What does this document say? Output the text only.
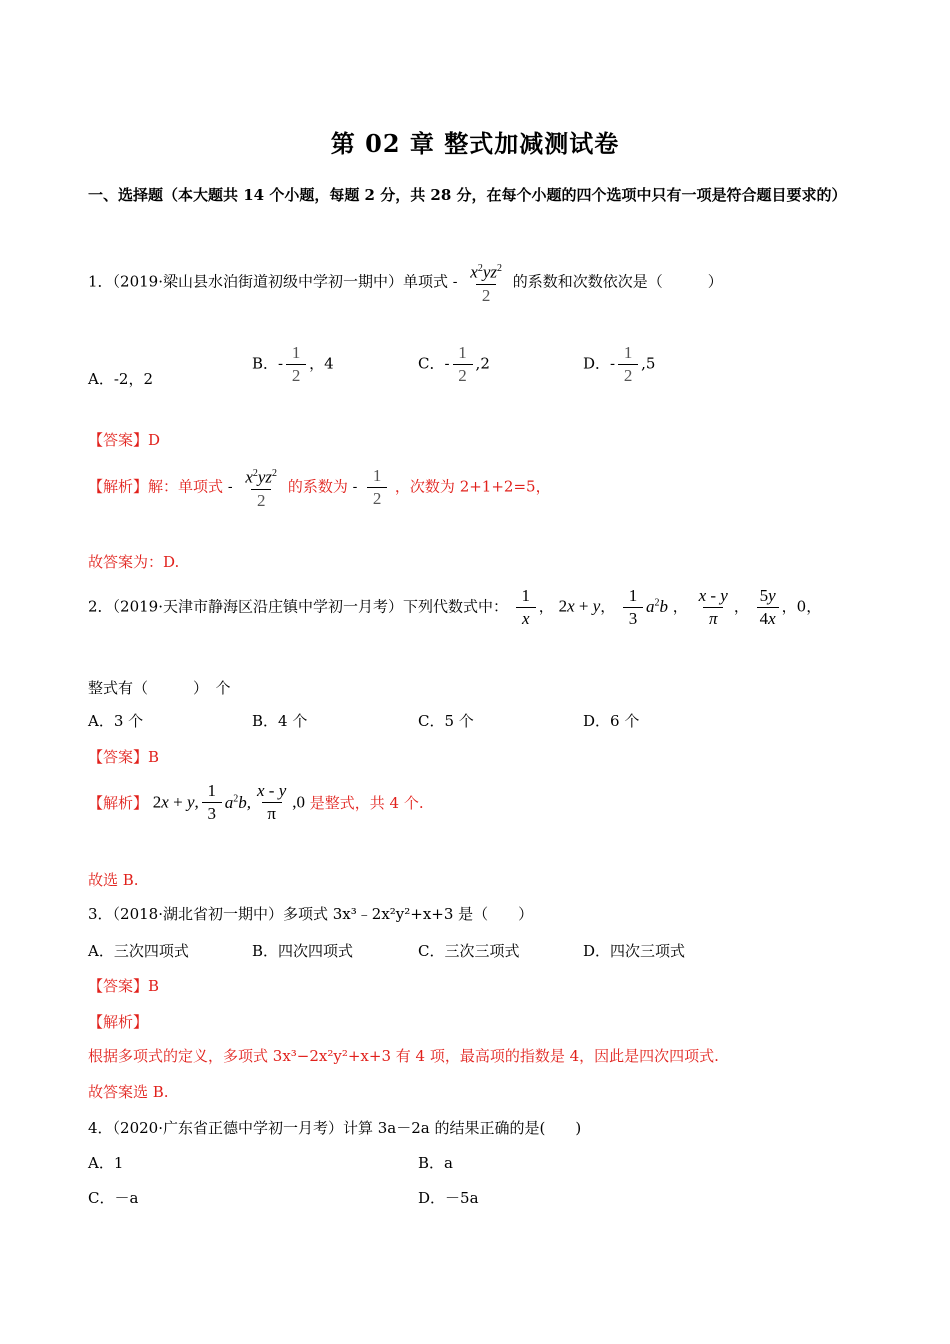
第 02 章 整式加减测试卷
一、选择题（本大题共 14 个小题，每题 2 分，共 28 分，在每个小题的四个选项中只有一项是符合题目要求的）
1．（2019·梁山县水泊街道初级中学初一期中）单项式 - $\frac{x^2yz^2}{2}$ 的系数和次数依次是（　　　）
A．-2，2
B．- $\frac{1}{2}$ ，4	C．- $\frac{1}{2} ,2$	D．- $\frac{1}{2} ,5$
【答案】D
【解析】解：单项式 - $\frac{x^2yz^2}{2}$ 的系数为 - $\frac{1}{2}$ ，次数为 2+1+2=5，
故答案为：D.
2．（2019·天津市静海区沿庄镇中学初一月考）下列代数式中： $\frac{1}{x}$ ， 2x + y， $\frac{1}{3} a^2b$ ， $\frac{x - y}{\pi}$ ， $\frac{5y}{4x}$ ，0，
整式有（　　　）　个
A．3 个	B．4 个	C．5 个	D．6 个
【答案】B
【解析】 2x + y, $\frac{1}{3} a^2b$, $\frac{x - y}{\pi} ,0$ 是整式，共 4 个.
故选 B.
3．（2018·湖北省初一期中）多项式 3x³﹣2x²y²+x+3 是（　　）
A．三次四项式	B．四次四项式	C．三次三项式	D．四次三项式
【答案】B
【解析】
根据多项式的定义，多项式 3x³−2x²y²+x+3 有 4 项，最高项的指数是 4，因此是四次四项式.
故答案选 B.
4．（2020·广东省正德中学初一月考）计算 3a－2a 的结果正确的是(　　)
A．1	B．a
C．－a	D．－5a
